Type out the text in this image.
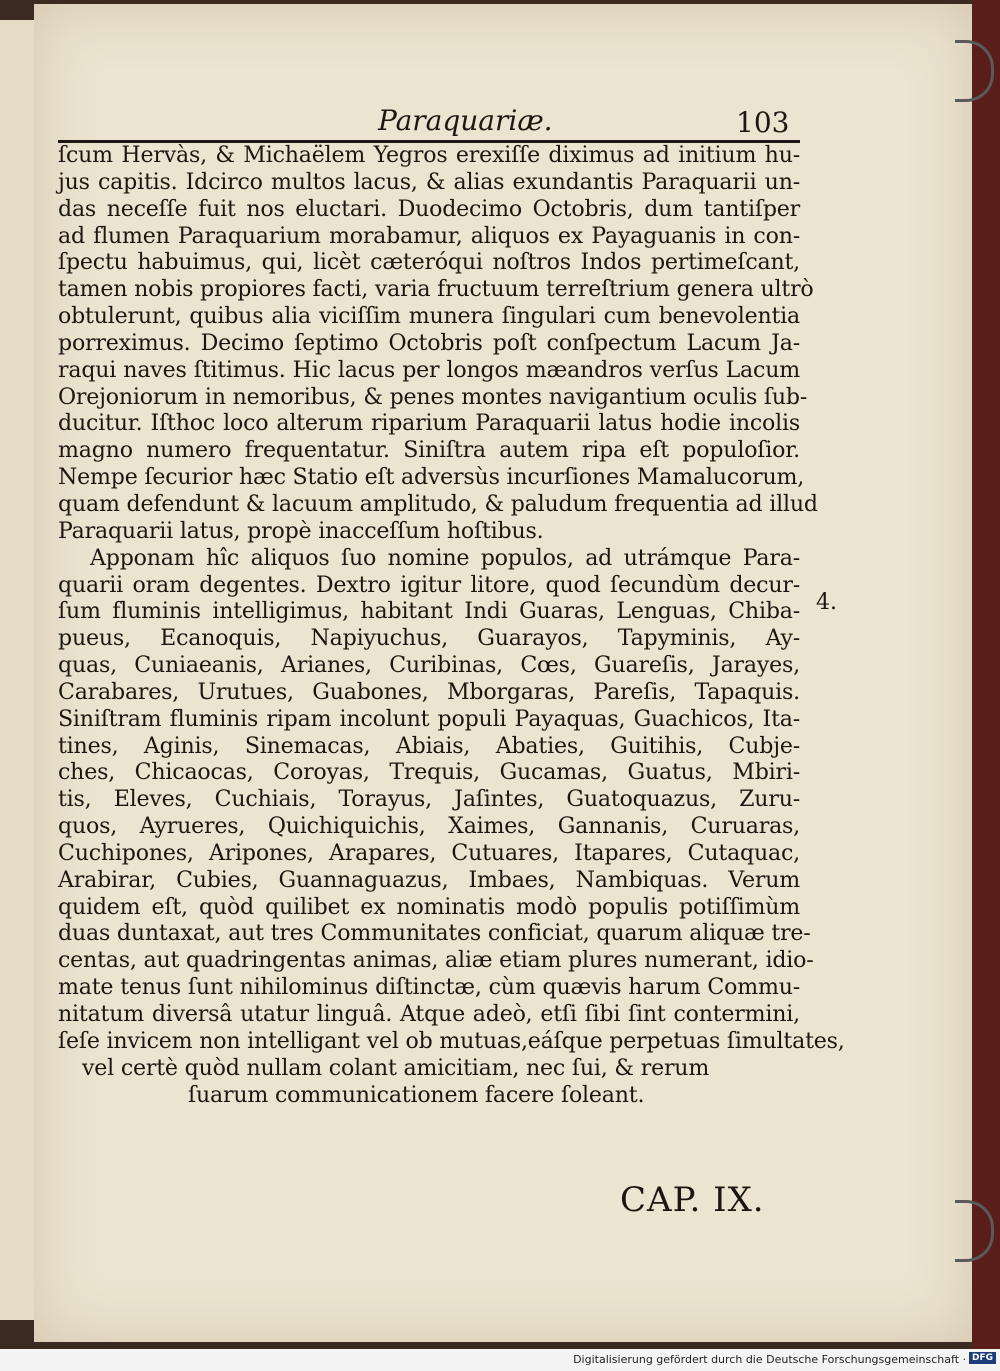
Paraquariæ.	103
ſcum Hervàs, & Michaëlem Yegros erexiſſe diximus ad initium hu-
jus capitis. Idcirco multos lacus, & alias exundantis Paraquarii un-
das neceſſe fuit nos eluctari. Duodecimo Octobris, dum tantiſper
ad flumen Paraquarium morabamur, aliquos ex Payaguanis in con-
ſpectu habuimus, qui, licèt cæteróqui noſtros Indos pertimeſcant,
tamen nobis propiores facti, varia fructuum terreſtrium genera ultrò
obtulerunt, quibus alia viciſſim munera ſingulari cum benevolentia
porreximus. Decimo ſeptimo Octobris poſt conſpectum Lacum Ja-
raqui naves ſtitimus. Hic lacus per longos mæandros verſus Lacum
Orejoniorum in nemoribus, & penes montes navigantium oculis ſub-
ducitur. Iſthoc loco alterum riparium Paraquarii latus hodie incolis
magno numero frequentatur. Siniſtra autem ripa eſt populoſior.
Nempe ſecurior hæc Statio eſt adversùs incurſiones Mamalucorum,
quam defendunt & lacuum amplitudo, & paludum frequentia ad illud
Paraquarii latus, propè inacceſſum hoſtibus.
Apponam hîc aliquos ſuo nomine populos, ad utrámque Para-
quarii oram degentes. Dextro igitur litore, quod ſecundùm decur-
ſum fluminis intelligimus, habitant Indi Guaras, Lenguas, Chiba-
pueus, Ecanoquis, Napiyuchus, Guarayos, Tapyminis, Ay-
quas, Cuniaeanis, Arianes, Curibinas, Cœs, Guareſis, Jarayes,
Carabares, Urutues, Guabones, Mborgaras, Pareſis, Tapaquis.
Siniſtram fluminis ripam incolunt populi Payaquas, Guachicos, Ita-
tines, Aginis, Sinemacas, Abiais, Abaties, Guitihis, Cubje-
ches, Chicaocas, Coroyas, Trequis, Gucamas, Guatus, Mbiri-
tis, Eleves, Cuchiais, Torayus, Jaſintes, Guatoquazus, Zuru-
quos, Ayrueres, Quichiquichis, Xaimes, Gannanis, Curuaras,
Cuchipones, Aripones, Arapares, Cutuares, Itapares, Cutaquac,
Arabirar, Cubies, Guannaguazus, Imbaes, Nambiquas. Verum
quidem eſt, quòd quilibet ex nominatis modò populis potiſſimùm
duas duntaxat, aut tres Communitates conficiat, quarum aliquæ tre-
centas, aut quadringentas animas, aliæ etiam plures numerant, idio-
mate tenus ſunt nihilominus diſtinctæ, cùm quævis harum Commu-
nitatum diversâ utatur linguâ. Atque adeò, etſi ſibi ſint contermini,
ſeſe invicem non intelligant vel ob mutuas,eáſque perpetuas ſimultates,
vel certè quòd nullam colant amicitiam, nec ſui, & rerum
ſuarum communicationem facere ſoleant.
4.
CAP. IX.
Digitalisierung gefördert durch die Deutsche Forschungsgemeinschaft · DFG
